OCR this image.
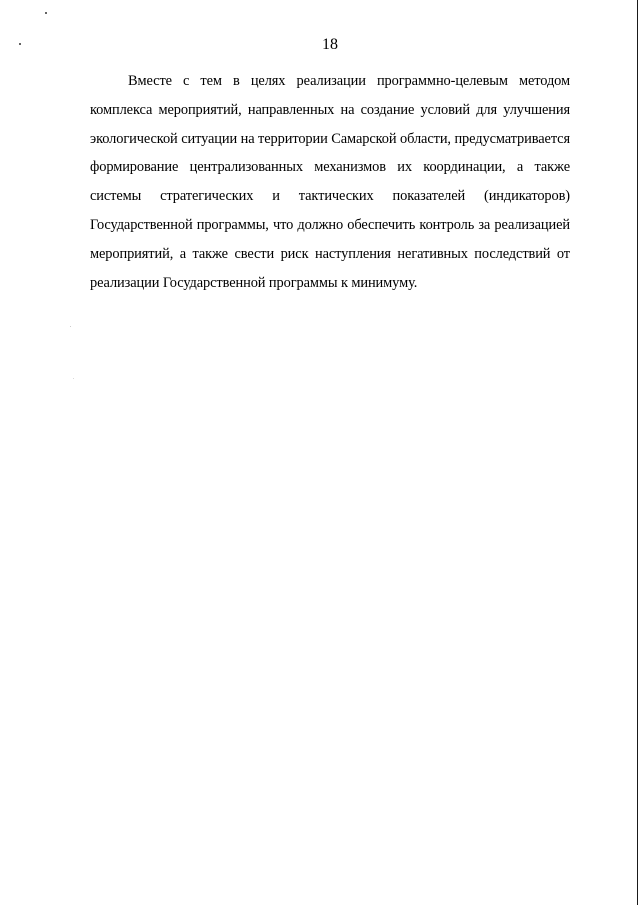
18

Вместе с тем в целях реализации программно-целевым методом комплекса мероприятий, направленных на создание условий для улучшения экологической ситуации на территории Самарской области, предусматривается формирование централизованных механизмов их координации, а также системы стратегических и тактических показателей (индикаторов) Государственной программы, что должно обеспечить контроль за реализацией мероприятий, а также свести риск наступления негативных последствий от реализации Государственной программы к минимуму.
